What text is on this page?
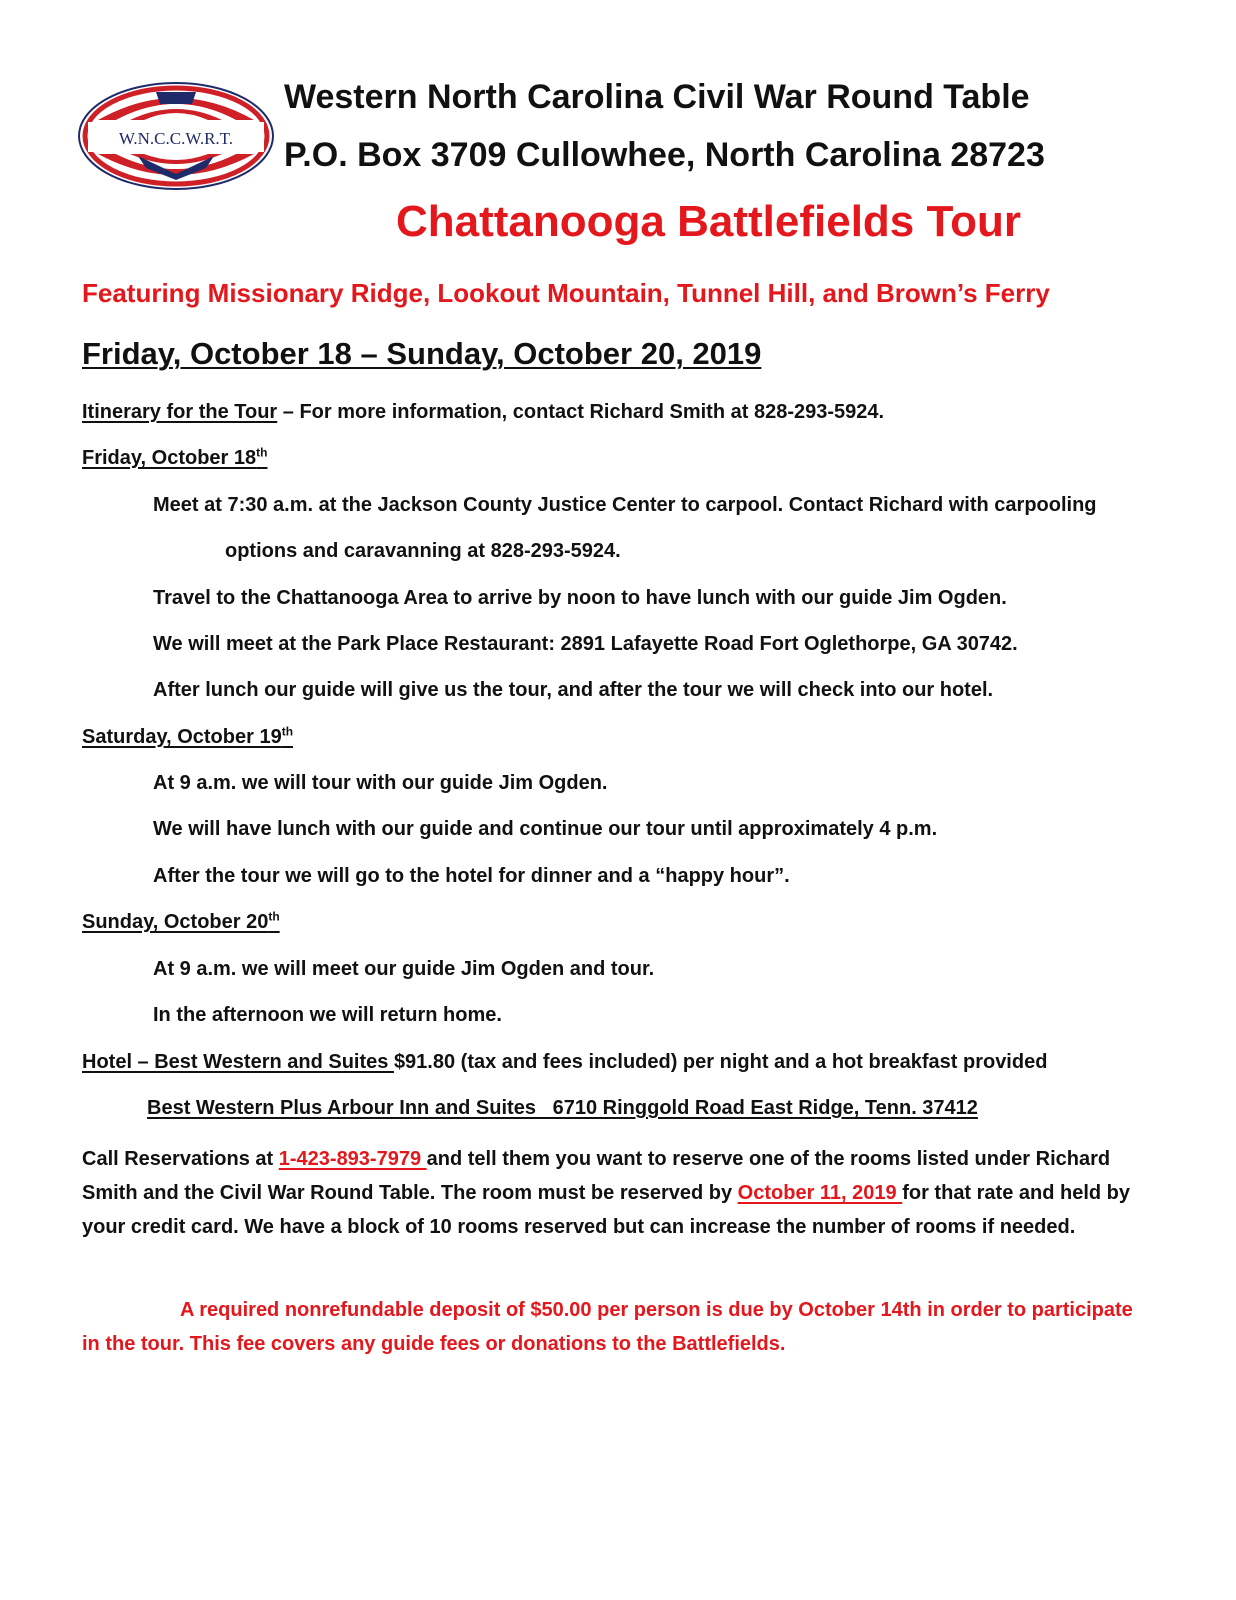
W.N.C.C.W.R.T.
Western North Carolina Civil War Round Table
P.O. Box 3709 Cullowhee, North Carolina 28723
Chattanooga Battlefields Tour
Featuring Missionary Ridge, Lookout Mountain, Tunnel Hill, and Brown’s Ferry
Friday, October 18 – Sunday, October 20, 2019
Itinerary for the Tour – For more information, contact Richard Smith at 828-293-5924.
Friday, October 18th
Meet at 7:30 a.m. at the Jackson County Justice Center to carpool. Contact Richard with carpooling
options and caravanning at 828-293-5924.
Travel to the Chattanooga Area to arrive by noon to have lunch with our guide Jim Ogden.
We will meet at the Park Place Restaurant: 2891 Lafayette Road Fort Oglethorpe, GA 30742.
After lunch our guide will give us the tour, and after the tour we will check into our hotel.
Saturday, October 19th
At 9 a.m. we will tour with our guide Jim Ogden.
We will have lunch with our guide and continue our tour until approximately 4 p.m.
After the tour we will go to the hotel for dinner and a “happy hour”.
Sunday, October 20th
At 9 a.m. we will meet our guide Jim Ogden and tour.
In the afternoon we will return home.
Hotel – Best Western and Suites $91.80 (tax and fees included) per night and a hot breakfast provided
Best Western Plus Arbour Inn and Suites   6710 Ringgold Road East Ridge, Tenn. 37412
Call Reservations at 1-423-893-7979 and tell them you want to reserve one of the rooms listed under Richard Smith and the Civil War Round Table. The room must be reserved by October 11, 2019 for that rate and held by your credit card. We have a block of 10 rooms reserved but can increase the number of rooms if needed.
A required nonrefundable deposit of $50.00 per person is due by October 14th in order to participate in the tour. This fee covers any guide fees or donations to the Battlefields.
